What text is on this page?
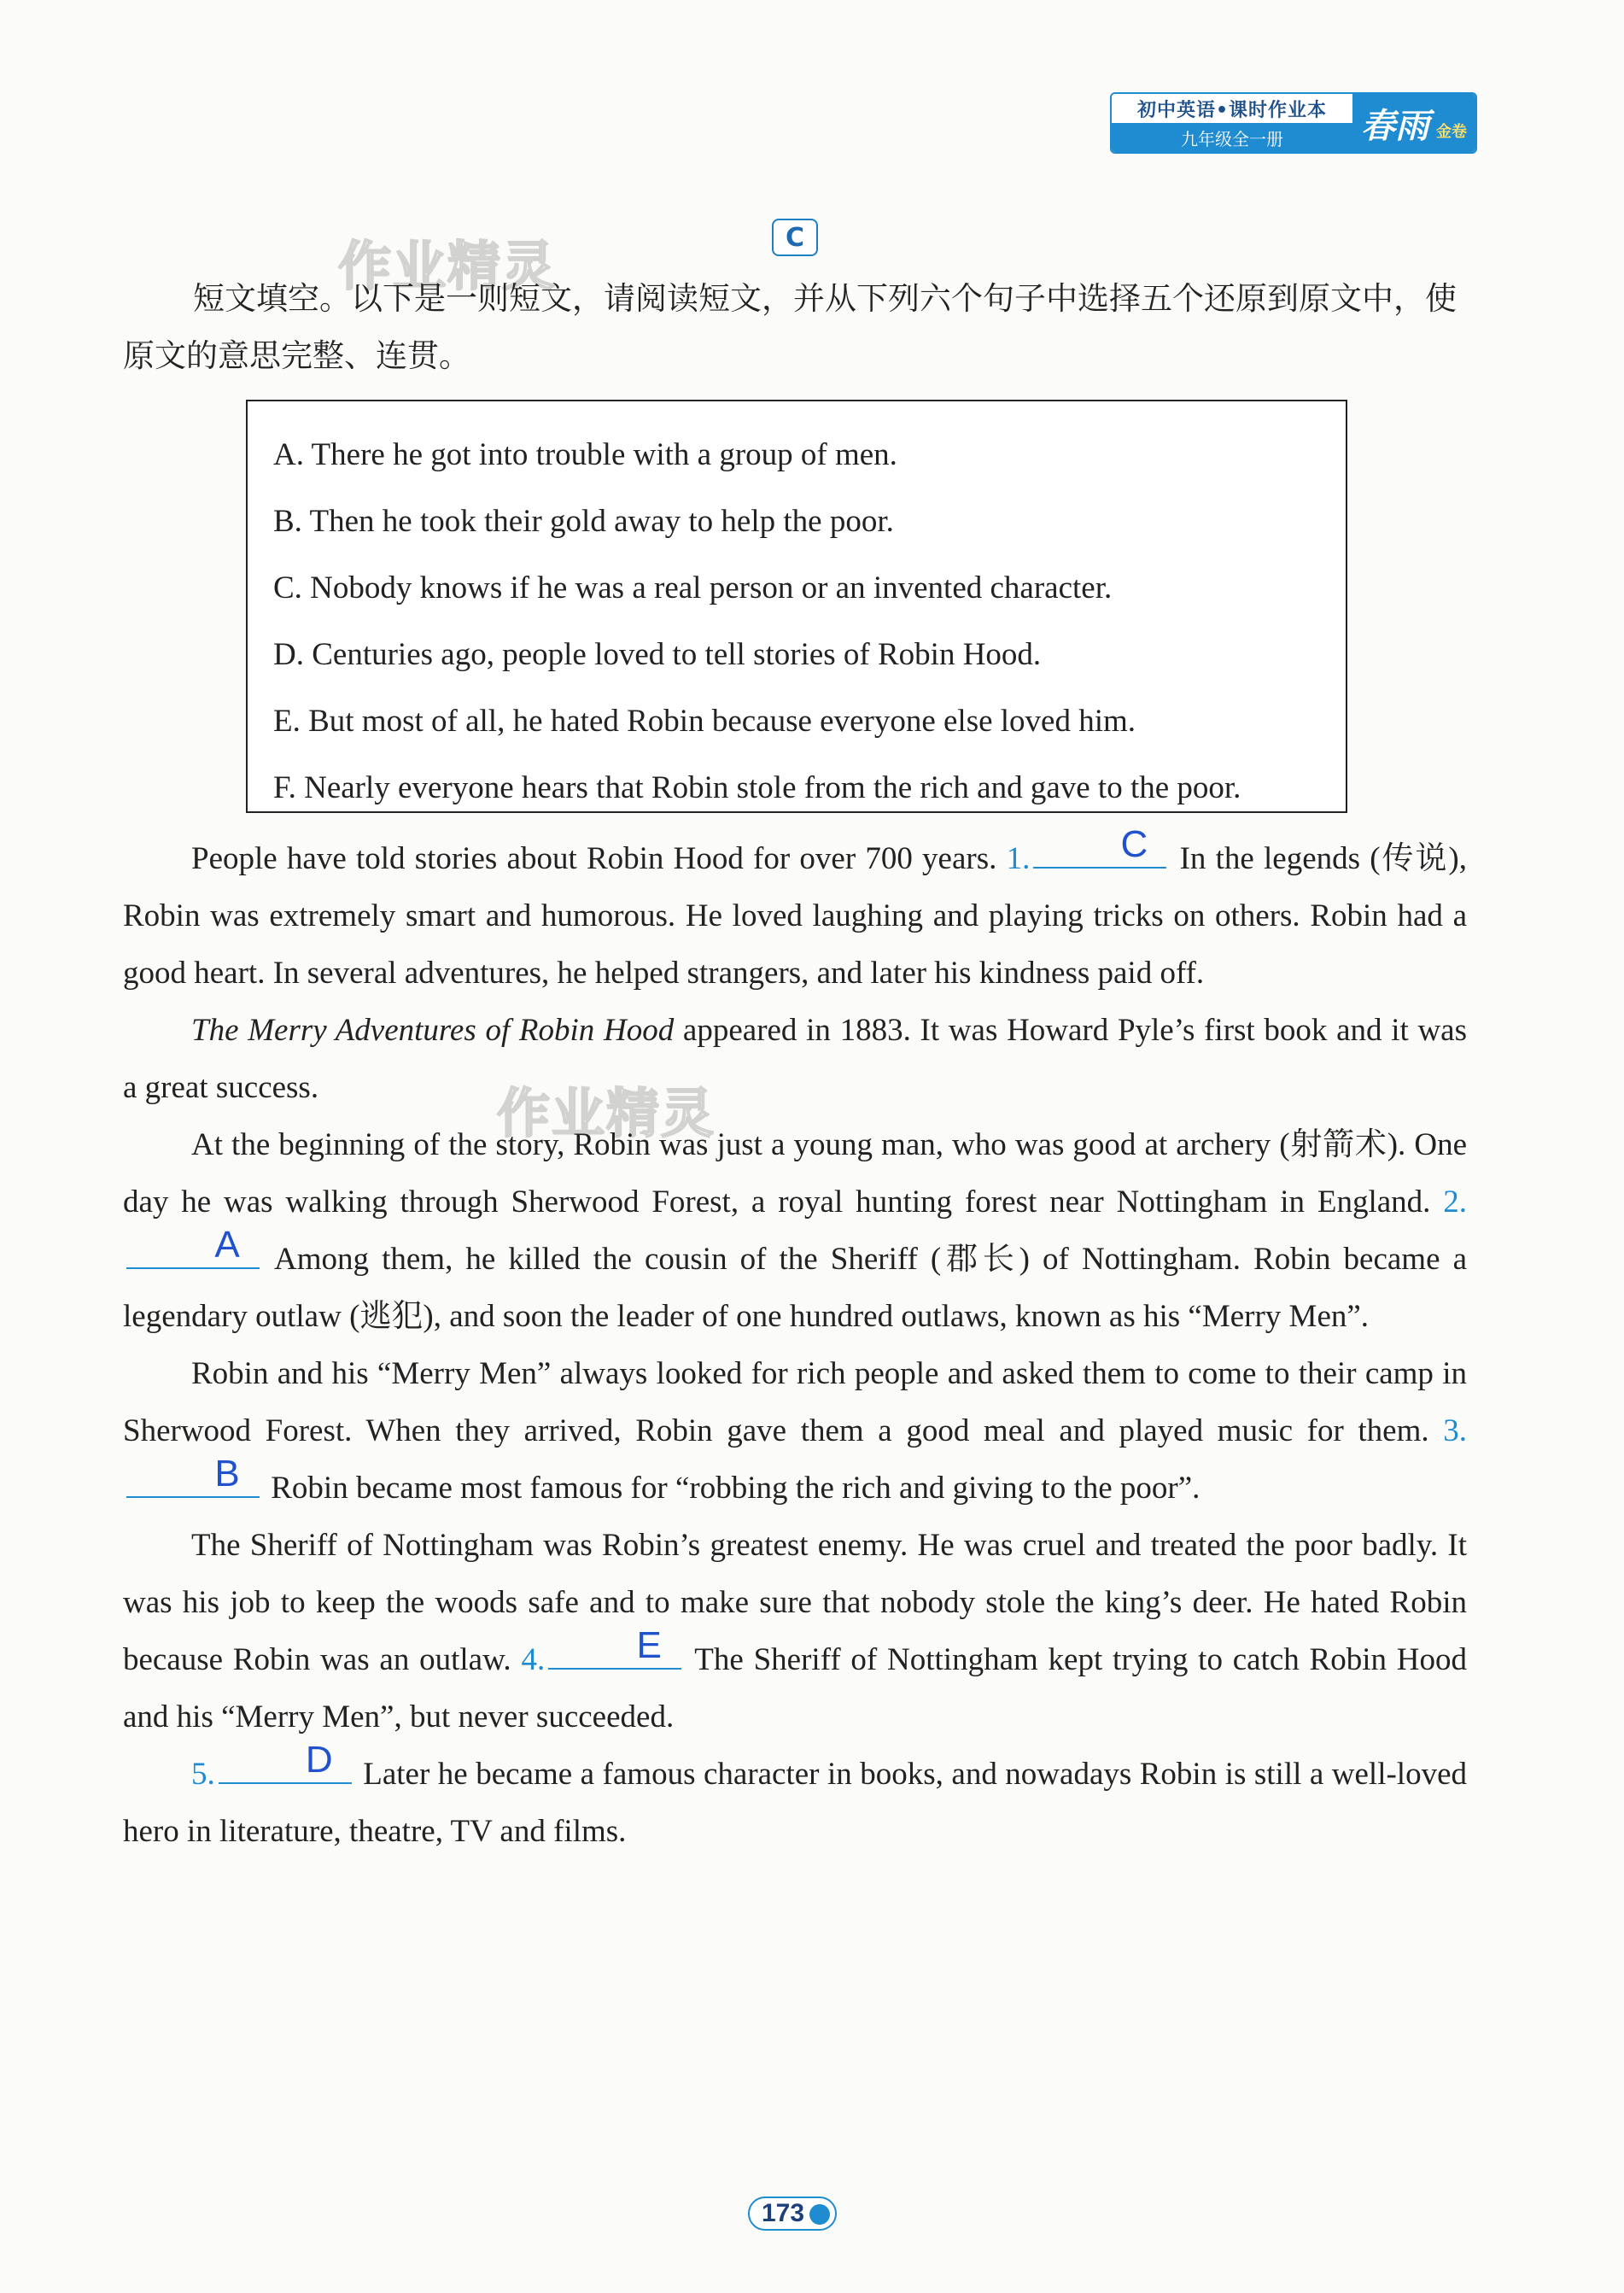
初中英语•课时作业本
九年级全一册	春雨 金卷
C
作业精灵
作业精灵
短文填空。以下是一则短文，请阅读短文，并从下列六个句子中选择五个还原到原文中，使原文的意思完整、连贯。

A. There he got into trouble with a group of men.

B. Then he took their gold away to help the poor.

C. Nobody knows if he was a real person or an invented character.

D. Centuries ago, people loved to tell stories of Robin Hood.

E. But most of all, he hated Robin because everyone else loved him.

F. Nearly everyone hears that Robin stole from the rich and gave to the poor.

People have told stories about Robin Hood for over 700 years. 1.	C	In the legends (传说), Robin was extremely smart and humorous. He loved laughing and playing tricks on others. Robin had a good heart. In several adventures, he helped strangers, and later his kindness paid off.

The Merry Adventures of Robin Hood appeared in 1883. It was Howard Pyle’s first book and it was a great success.

At the beginning of the story, Robin was just a young man, who was good at archery (射箭术). One day he was walking through Sherwood Forest, a royal hunting forest near Nottingham in England. 2.
A	Among them, he killed the cousin of the Sheriff (郡长) of Nottingham. Robin became a legendary outlaw (逃犯), and soon the leader of one hundred outlaws, known as his “Merry Men”.

Robin and his “Merry Men” always looked for rich people and asked them to come to their camp in Sherwood Forest. When they arrived, Robin gave them a good meal and played music for them. 3.
B Robin became most famous for “robbing the rich and giving to the poor”.

The Sheriff of Nottingham was Robin’s greatest enemy. He was cruel and treated the poor badly. It was his job to keep the woods safe and to make sure that nobody stole the king’s deer. He hated Robin because Robin was an outlaw. 4.	E	The Sheriff of Nottingham kept trying to catch Robin Hood and his “Merry Men”, but never succeeded.

5.	D Later he became a famous character in books, and nowadays Robin is still a well-loved hero in literature, theatre, TV and films.

173
